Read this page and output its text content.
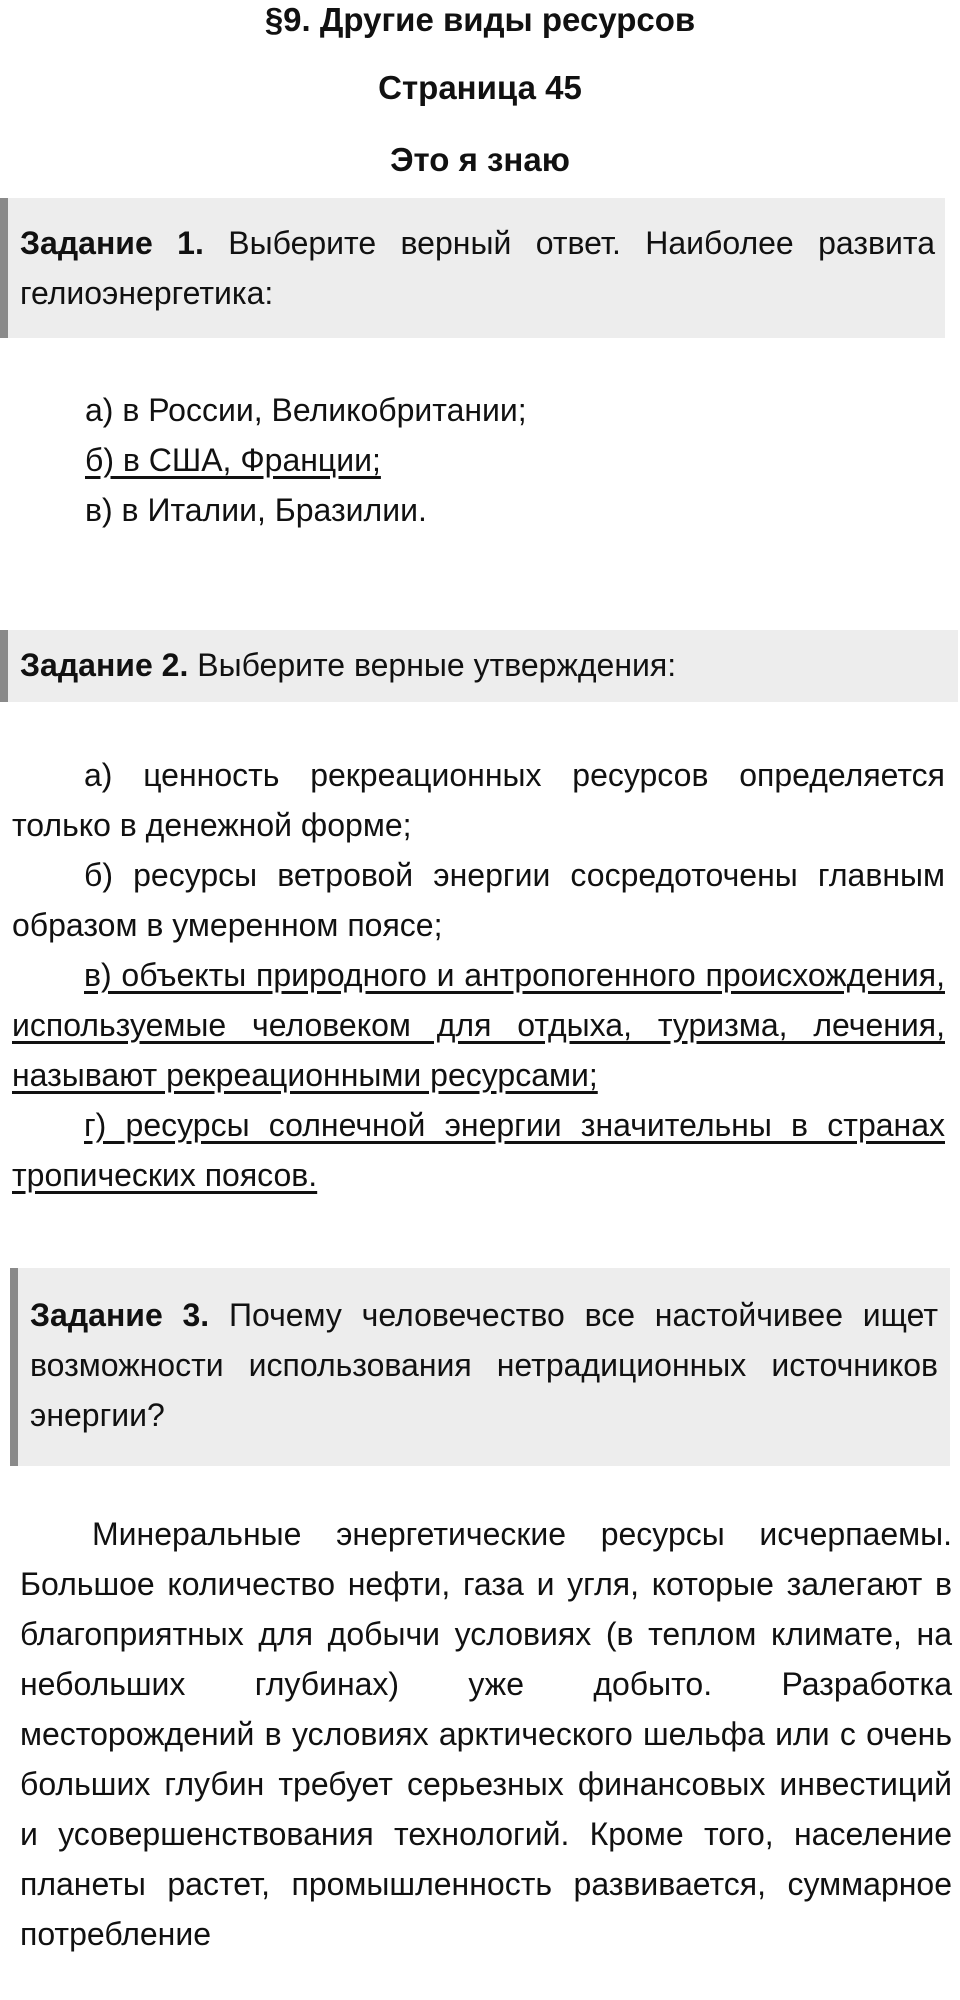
§9. Другие виды ресурсов
Страница 45
Это я знаю
Задание 1. Выберите верный ответ. Наиболее развита гелиоэнергетика:
а) в России, Великобритании;
б) в США, Франции;
в) в Италии, Бразилии.
Задание 2. Выберите верные утверждения:
а) ценность рекреационных ресурсов определяется только в денежной форме;
б) ресурсы ветровой энергии сосредоточены главным образом в умеренном поясе;
в) объекты природного и антропогенного происхождения, используемые человеком для отдыха, туризма, лечения, называют рекреационными ресурсами;
г) ресурсы солнечной энергии значительны в странах тропических поясов.
Задание 3. Почему человечество все настойчивее ищет возможности использования нетрадиционных источников энергии?
Минеральные энергетические ресурсы исчерпаемы. Большое количество нефти, газа и угля, которые залегают в благоприятных для добычи условиях (в теплом климате, на небольших глубинах) уже добыто. Разработка месторождений в условиях арктического шельфа или с очень больших глубин требует серьезных финансовых инвестиций и усовершенствования технологий. Кроме того, население планеты растет, промышленность развивается, суммарное потребление
